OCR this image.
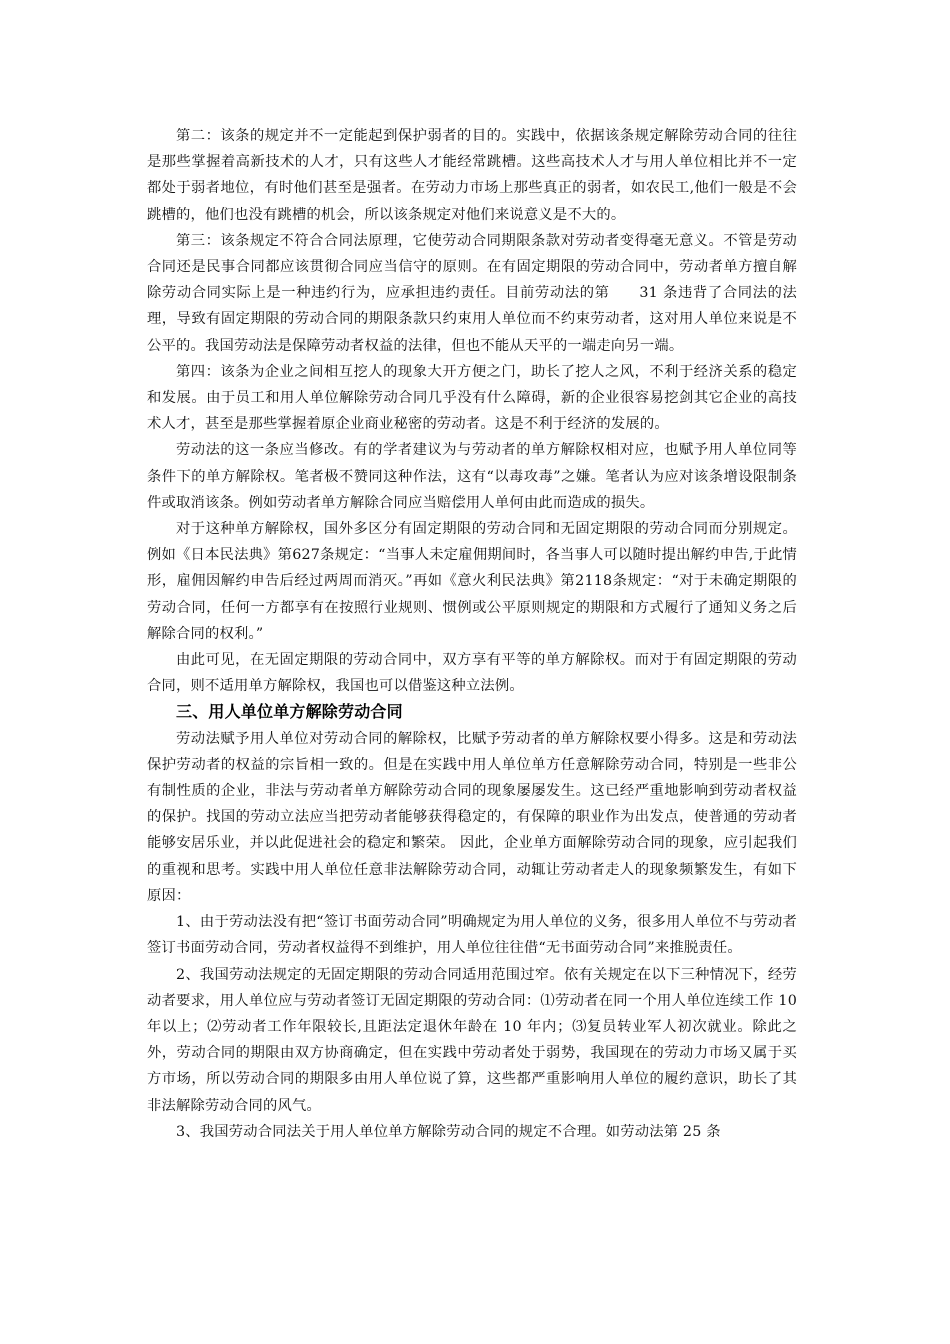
第二：该条的规定并不一定能起到保护弱者的目的。实践中，依据该条规定解除劳动合同的往往是那些掌握着高新技术的人才，只有这些人才能经常跳槽。这些高技术人才与用人单位相比并不一定都处于弱者地位，有时他们甚至是强者。在劳动力市场上那些真正的弱者，如农民工,他们一般是不会跳槽的，他们也没有跳槽的机会，所以该条规定对他们来说意义是不大的。

第三：该条规定不符合合同法原理，它使劳动合同期限条款对劳动者变得毫无意义。不管是劳动合同还是民事合同都应该贯彻合同应当信守的原则。在有固定期限的劳动合同中，劳动者单方擅自解除劳动合同实际上是一种违约行为，应承担违约责任。目前劳动法的第　　31 条违背了合同法的法理，导致有固定期限的劳动合同的期限条款只约束用人单位而不约束劳动者，这对用人单位来说是不公平的。我国劳动法是保障劳动者权益的法律，但也不能从天平的一端走向另一端。

第四：该条为企业之间相互挖人的现象大开方便之门，助长了挖人之风，不利于经济关系的稳定和发展。由于员工和用人单位解除劳动合同几乎没有什么障碍，新的企业很容易挖剑其它企业的高技术人才，甚至是那些掌握着原企业商业秘密的劳动者。这是不利于经济的发展的。

劳动法的这一条应当修改。有的学者建议为与劳动者的单方解除权相对应，也赋予用人单位同等条件下的单方解除权。笔者极不赞同这种作法，这有“以毒攻毒”之嫌。笔者认为应对该条增设限制条件或取消该条。例如劳动者单方解除合同应当赔偿用人单何由此而造成的损失。

对于这种单方解除权，国外多区分有固定期限的劳动合同和无固定期限的劳动合同而分别规定。例如《日本民法典》第627条规定：“当事人未定雇佣期间时，各当事人可以随时提出解约申告,于此情形，雇佣因解约申告后经过两周而消灭。”再如《意火利民法典》第2118条规定：“对于未确定期限的劳动合同，任何一方都享有在按照行业规则、惯例或公平原则规定的期限和方式履行了通知义务之后解除合同的权利。”

由此可见，在无固定期限的劳动合同中，双方享有平等的单方解除权。而对于有固定期限的劳动合同，则不适用单方解除权，我国也可以借鉴这种立法例。

三、用人单位单方解除劳动合同

劳动法赋予用人单位对劳动合同的解除权，比赋予劳动者的单方解除权要小得多。这是和劳动法保护劳动者的权益的宗旨相一致的。但是在实践中用人单位单方任意解除劳动合同，特别是一些非公有制性质的企业，非法与劳动者单方解除劳动合同的现象屡屡发生。这已经严重地影响到劳动者权益的保护。找国的劳动立法应当把劳动者能够获得稳定的，有保障的职业作为出发点，使普通的劳动者能够安居乐业，并以此促进社会的稳定和繁荣。 因此，企业单方面解除劳动合同的现象，应引起我们的重视和思考。实践中用人单位任意非法解除劳动合同，动辄让劳动者走人的现象频繁发生，有如下原因：

1、由于劳动法没有把“签订书面劳动合同”明确规定为用人单位的义务，很多用人单位不与劳动者签订书面劳动合同，劳动者权益得不到维护，用人单位往往借“无书面劳动合同”来推脱责任。

2、我国劳动法规定的无固定期限的劳动合同适用范围过窄。依有关规定在以下三种情况下，经劳动者要求，用人单位应与劳动者签订无固定期限的劳动合同：⑴劳动者在同一个用人单位连续工作 10 年以上；⑵劳动者工作年限较长,且距法定退休年龄在 10 年内；⑶复员转业军人初次就业。除此之外，劳动合同的期限由双方协商确定，但在实践中劳动者处于弱势，我国现在的劳动力市场又属于买方市场，所以劳动合同的期限多由用人单位说了算，这些都严重影响用人单位的履约意识，助长了其非法解除劳动合同的风气。

3、我国劳动合同法关于用人单位单方解除劳动合同的规定不合理。如劳动法第 25 条
